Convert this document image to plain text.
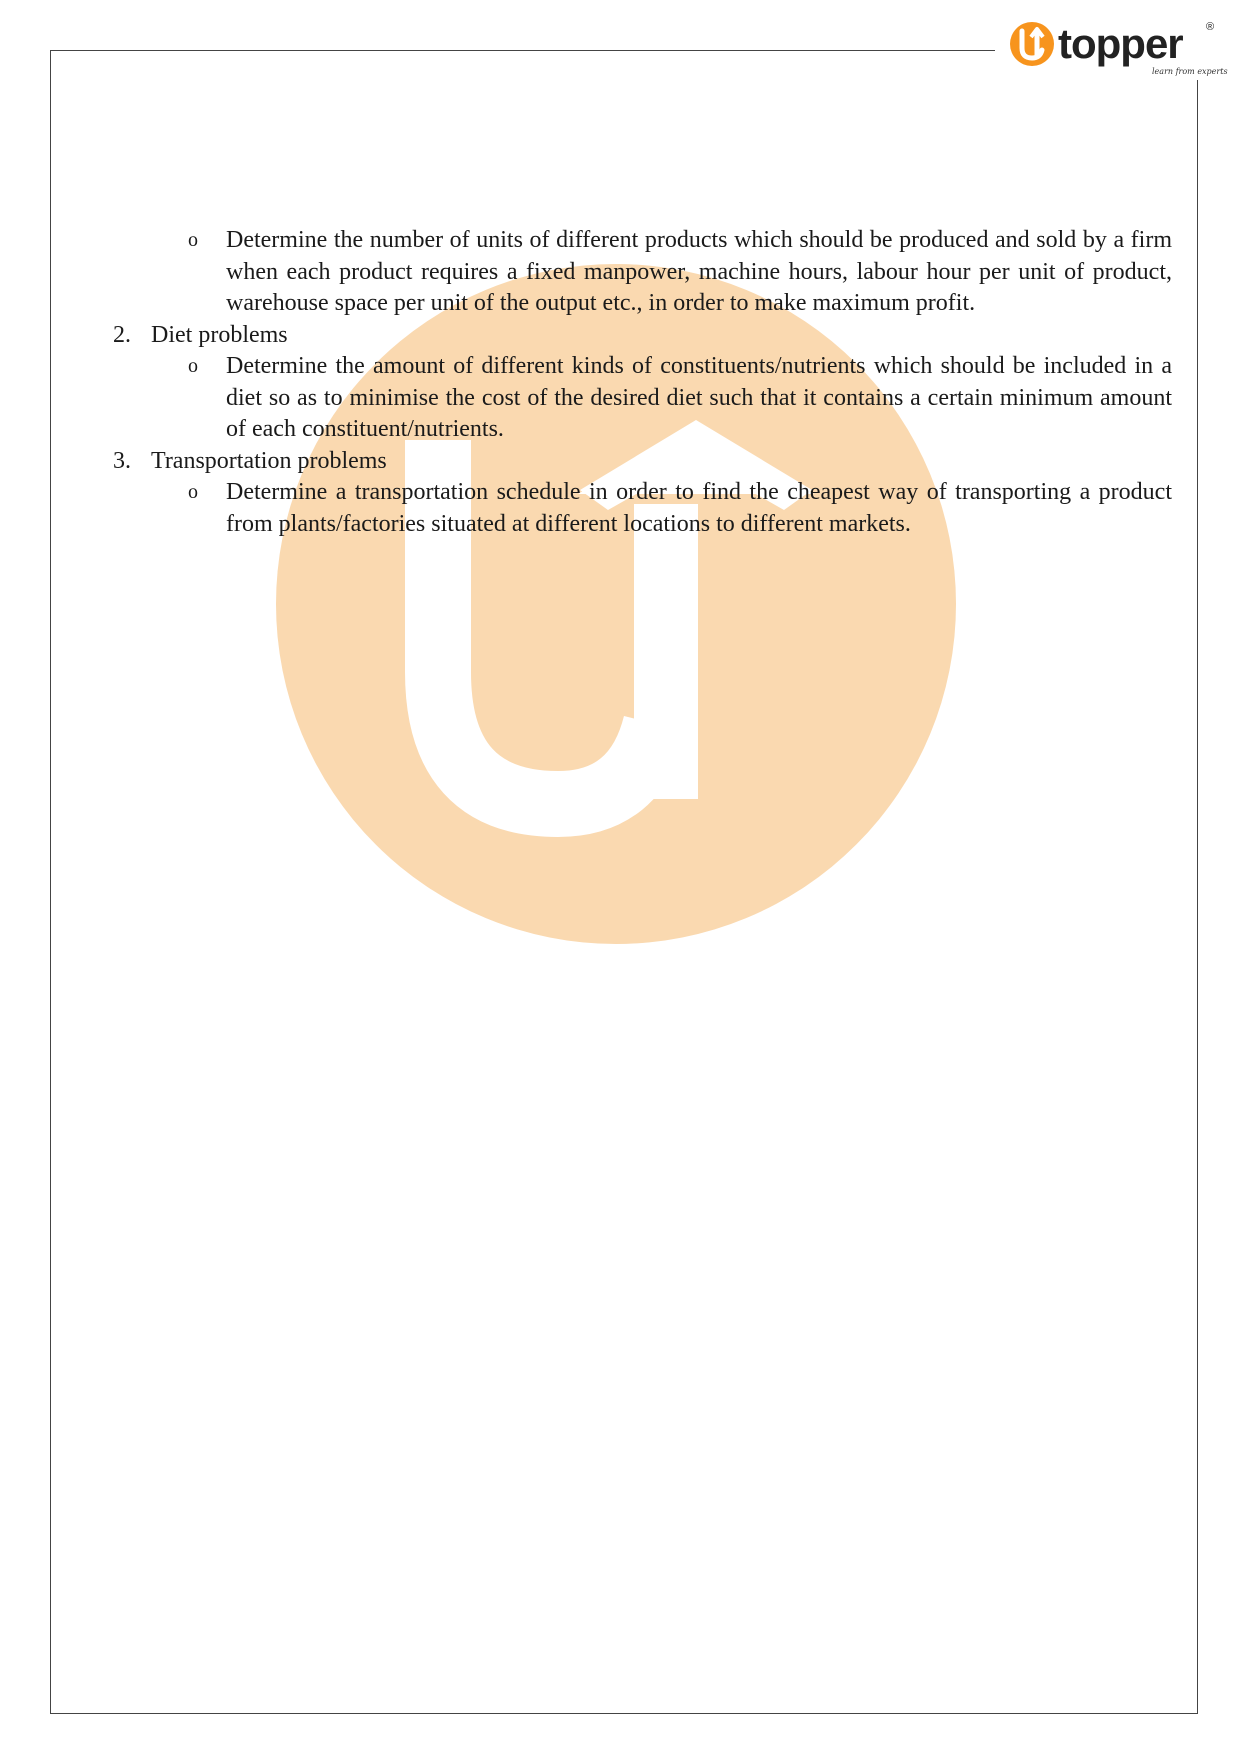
topper ®
learn from experts
o Determine the number of units of different products which should be produced and sold by a firm when each product requires a fixed manpower, machine hours, labour hour per unit of product, warehouse space per unit of the output etc., in order to make maximum profit.
2. Diet problems
o Determine the amount of different kinds of constituents/nutrients which should be included in a diet so as to minimise the cost of the desired diet such that it contains a certain minimum amount of each constituent/nutrients.
3. Transportation problems
o Determine a transportation schedule in order to find the cheapest way of transporting a product from plants/factories situated at different locations to different markets.
